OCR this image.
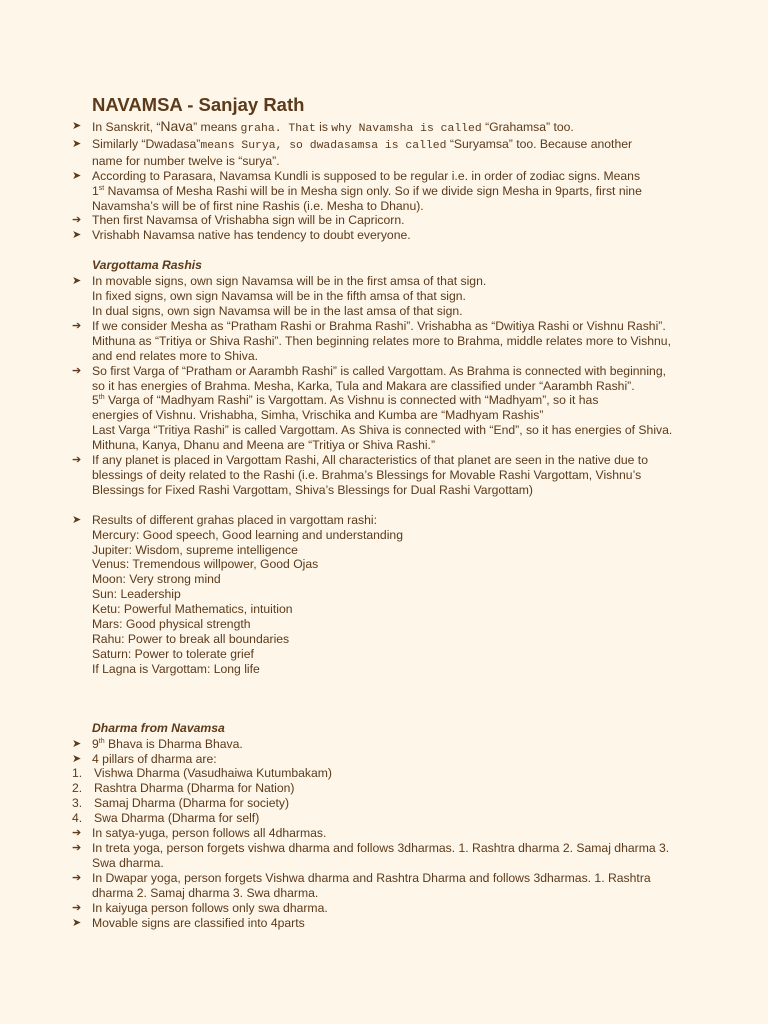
NAVAMSA - Sanjay Rath
➤ In Sanskrit, “Nava” means graha. That is why Navamsha is called “Grahamsa” too.
➤ Similarly “Dwadasa”means Surya, so dwadasamsa is called “Suryamsa” too. Because another
name for number twelve is “surya”.
➤ According to Parasara, Navamsa Kundli is supposed to be regular i.e. in order of zodiac signs. Means
1st Navamsa of Mesha Rashi will be in Mesha sign only. So if we divide sign Mesha in 9parts, first nine
Navamsha’s will be of first nine Rashis (i.e. Mesha to Dhanu).
➔ Then first Navamsa of Vrishabha sign will be in Capricorn.
➤ Vrishabh Navamsa native has tendency to doubt everyone.
Vargottama Rashis
➤ In movable signs, own sign Navamsa will be in the first amsa of that sign.
In fixed signs, own sign Navamsa will be in the fifth amsa of that sign.
In dual signs, own sign Navamsa will be in the last amsa of that sign.
➔ If we consider Mesha as “Pratham Rashi or Brahma Rashi”. Vrishabha as “Dwitiya Rashi or Vishnu Rashi”.
Mithuna as “Tritiya or Shiva Rashi”. Then beginning relates more to Brahma, middle relates more to Vishnu,
and end relates more to Shiva.
➔ So first Varga of “Pratham or Aarambh Rashi” is called Vargottam. As Brahma is connected with beginning,
so it has energies of Brahma. Mesha, Karka, Tula and Makara are classified under “Aarambh Rashi”.
5th Varga of “Madhyam Rashi” is Vargottam. As Vishnu is connected with “Madhyam”, so it has
energies of Vishnu. Vrishabha, Simha, Vrischika and Kumba are “Madhyam Rashis”
Last Varga “Tritiya Rashi” is called Vargottam. As Shiva is connected with “End”, so it has energies of Shiva.
Mithuna, Kanya, Dhanu and Meena are “Tritiya or Shiva Rashi.”
➔ If any planet is placed in Vargottam Rashi, All characteristics of that planet are seen in the native due to
blessings of deity related to the Rashi (i.e. Brahma’s Blessings for Movable Rashi Vargottam, Vishnu’s
Blessings for Fixed Rashi Vargottam, Shiva’s Blessings for Dual Rashi Vargottam)
➤ Results of different grahas placed in vargottam rashi:
Mercury: Good speech, Good learning and understanding
Jupiter: Wisdom, supreme intelligence
Venus: Tremendous willpower, Good Ojas
Moon: Very strong mind
Sun: Leadership
Ketu: Powerful Mathematics, intuition
Mars: Good physical strength
Rahu: Power to break all boundaries
Saturn: Power to tolerate grief
If Lagna is Vargottam: Long life
Dharma from Navamsa
➤ 9th Bhava is Dharma Bhava.
➤ 4 pillars of dharma are:
1. Vishwa Dharma (Vasudhaiwa Kutumbakam)
2. Rashtra Dharma (Dharma for Nation)
3. Samaj Dharma (Dharma for society)
4. Swa Dharma (Dharma for self)
➔ In satya-yuga, person follows all 4dharmas.
➔ In treta yoga, person forgets vishwa dharma and follows 3dharmas. 1. Rashtra dharma 2. Samaj dharma 3.
Swa dharma.
➔ In Dwapar yoga, person forgets Vishwa dharma and Rashtra Dharma and follows 3dharmas. 1. Rashtra
dharma 2. Samaj dharma 3. Swa dharma.
➔ In kaiyuga person follows only swa dharma.
➤ Movable signs are classified into 4parts
